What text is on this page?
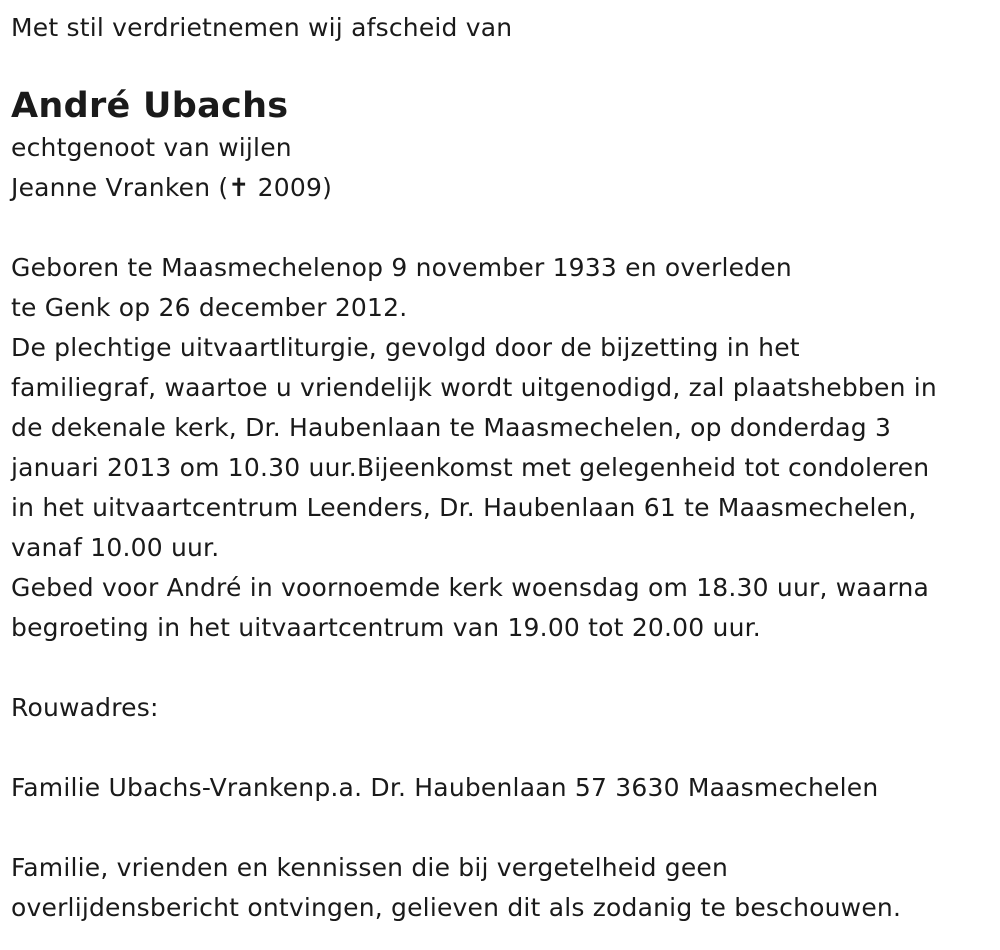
Met stil verdrietnemen wij afscheid van
André Ubachs
echtgenoot van wijlen
Jeanne Vranken (✝ 2009)
Geboren te Maasmechelenop 9 november 1933 en overleden
te Genk op 26 december 2012.
De plechtige uitvaartliturgie, gevolgd door de bijzetting in het
familiegraf, waartoe u vriendelijk wordt uitgenodigd, zal plaatshebben in
de dekenale kerk, Dr. Haubenlaan te Maasmechelen, op donderdag 3
januari 2013 om 10.30 uur.Bijeenkomst met gelegenheid tot condoleren
in het uitvaartcentrum Leenders, Dr. Haubenlaan 61 te Maasmechelen,
vanaf 10.00 uur.
Gebed voor André in voornoemde kerk woensdag om 18.30 uur, waarna
begroeting in het uitvaartcentrum van 19.00 tot 20.00 uur.
Rouwadres:
Familie Ubachs-Vrankenp.a. Dr. Haubenlaan 57 3630 Maasmechelen
Familie, vrienden en kennissen die bij vergetelheid geen
overlijdensbericht ontvingen, gelieven dit als zodanig te beschouwen.
